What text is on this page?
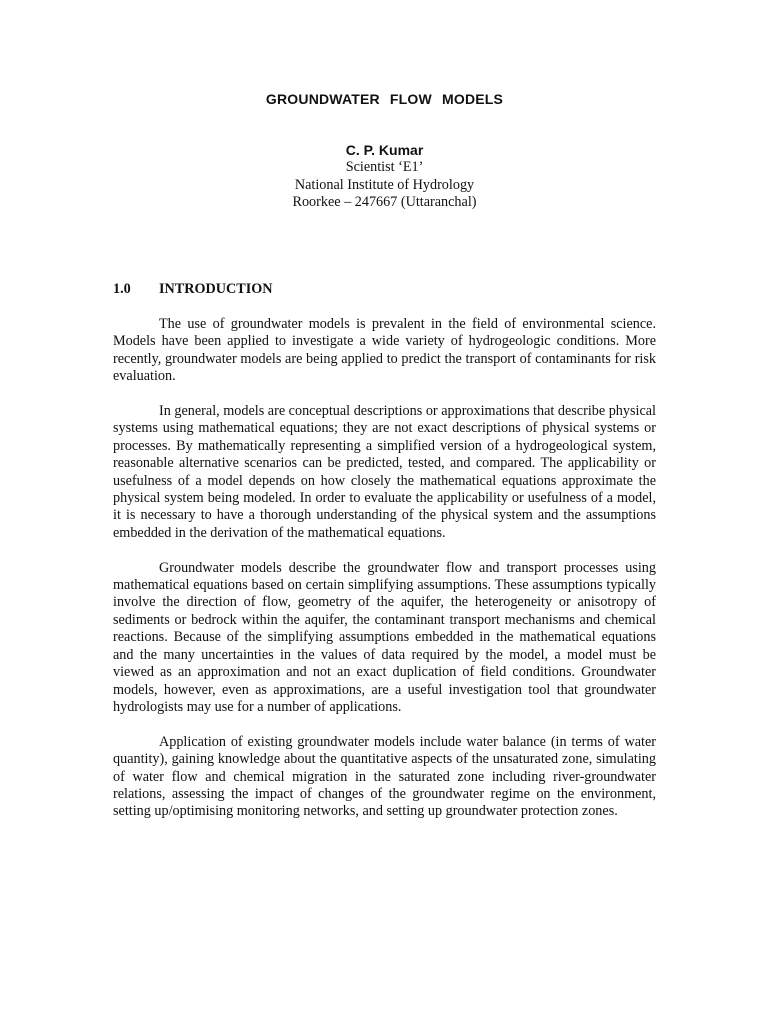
GROUNDWATER FLOW MODELS
C. P. Kumar
Scientist ‘E1’
National Institute of Hydrology
Roorkee – 247667 (Uttaranchal)
1.0 INTRODUCTION

The use of groundwater models is prevalent in the field of environmental science. Models have been applied to investigate a wide variety of hydrogeologic conditions. More recently, groundwater models are being applied to predict the transport of contaminants for risk evaluation.

In general, models are conceptual descriptions or approximations that describe physical systems using mathematical equations; they are not exact descriptions of physical systems or processes. By mathematically representing a simplified version of a hydrogeological system, reasonable alternative scenarios can be predicted, tested, and compared. The applicability or usefulness of a model depends on how closely the mathematical equations approximate the physical system being modeled. In order to evaluate the applicability or usefulness of a model, it is necessary to have a thorough understanding of the physical system and the assumptions embedded in the derivation of the mathematical equations.

Groundwater models describe the groundwater flow and transport processes using mathematical equations based on certain simplifying assumptions. These assumptions typically involve the direction of flow, geometry of the aquifer, the heterogeneity or anisotropy of sediments or bedrock within the aquifer, the contaminant transport mechanisms and chemical reactions. Because of the simplifying assumptions embedded in the mathematical equations and the many uncertainties in the values of data required by the model, a model must be viewed as an approximation and not an exact duplication of field conditions. Groundwater models, however, even as approximations, are a useful investigation tool that groundwater hydrologists may use for a number of applications.

Application of existing groundwater models include water balance (in terms of water quantity), gaining knowledge about the quantitative aspects of the unsaturated zone, simulating of water flow and chemical migration in the saturated zone including river-groundwater relations, assessing the impact of changes of the groundwater regime on the environment, setting up/optimising monitoring networks, and setting up groundwater protection zones.
